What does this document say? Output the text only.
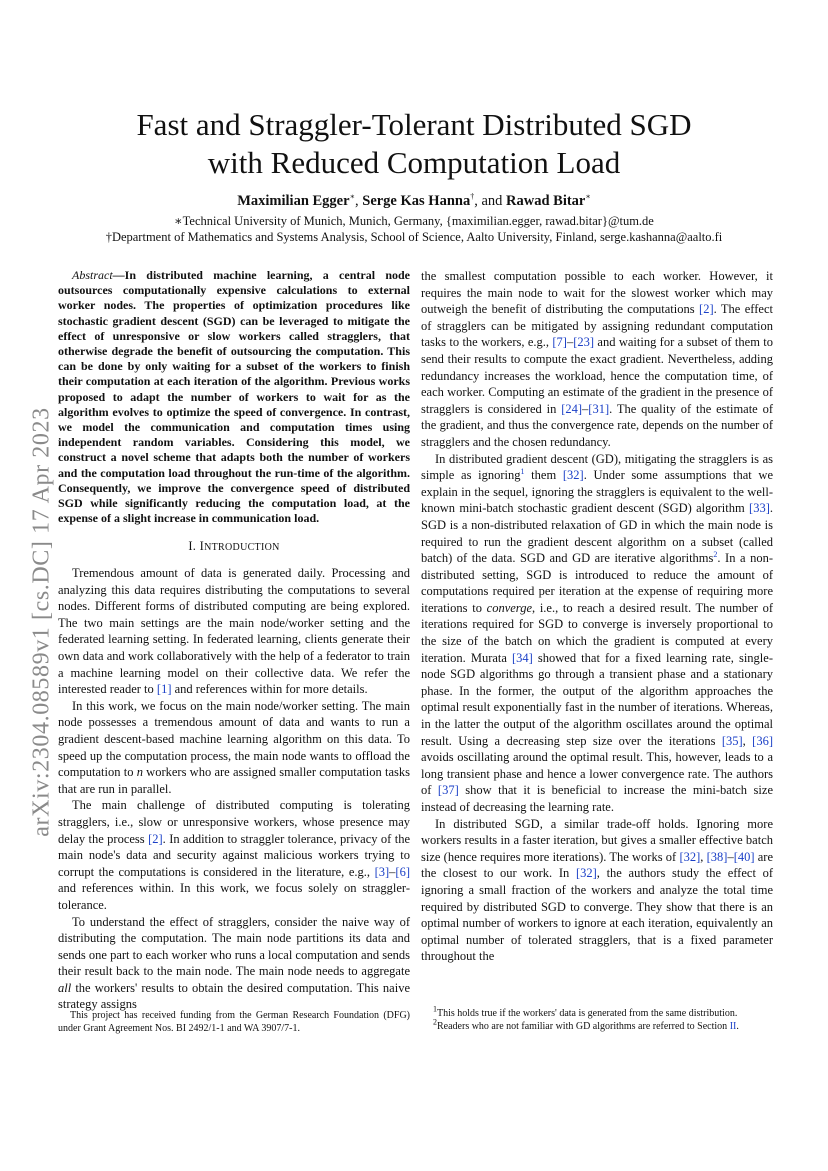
arXiv:2304.08589v1 [cs.DC] 17 Apr 2023
Fast and Straggler-Tolerant Distributed SGD
with Reduced Computation Load
Maximilian Egger∗, Serge Kas Hanna†, and Rawad Bitar∗
∗Technical University of Munich, Munich, Germany, {maximilian.egger, rawad.bitar}@tum.de
†Department of Mathematics and Systems Analysis, School of Science, Aalto University, Finland, serge.kashanna@aalto.fi
Abstract—In distributed machine learning, a central node outsources computationally expensive calculations to external worker nodes. The properties of optimization procedures like stochastic gradient descent (SGD) can be leveraged to mitigate the effect of unresponsive or slow workers called stragglers, that otherwise degrade the benefit of outsourcing the computation. This can be done by only waiting for a subset of the workers to finish their computation at each iteration of the algorithm. Previous works proposed to adapt the number of workers to wait for as the algorithm evolves to optimize the speed of convergence. In contrast, we model the communication and computation times using independent random variables. Considering this model, we construct a novel scheme that adapts both the number of workers and the computation load throughout the run-time of the algorithm. Consequently, we improve the convergence speed of distributed SGD while significantly reducing the computation load, at the expense of a slight increase in communication load.
I. INTRODUCTION

Tremendous amount of data is generated daily. Processing and analyzing this data requires distributing the computations to several nodes. Different forms of distributed computing are being explored. The two main settings are the main node/worker setting and the federated learning setting. In federated learning, clients generate their own data and work collaboratively with the help of a federator to train a machine learning model on their collective data. We refer the interested reader to [1] and references within for more details.

In this work, we focus on the main node/worker setting. The main node possesses a tremendous amount of data and wants to run a gradient descent-based machine learning algorithm on this data. To speed up the computation process, the main node wants to offload the computation to n workers who are assigned smaller computation tasks that are run in parallel.

The main challenge of distributed computing is tolerating stragglers, i.e., slow or unresponsive workers, whose presence may delay the process [2]. In addition to straggler tolerance, privacy of the main node's data and security against malicious workers trying to corrupt the computations is considered in the literature, e.g., [3]–[6] and references within. In this work, we focus solely on straggler-tolerance.

To understand the effect of stragglers, consider the naive way of distributing the computation. The main node partitions its data and sends one part to each worker who runs a local computation and sends their result back to the main node. The main node needs to aggregate all the workers' results to obtain the desired computation. This naive strategy assigns

the smallest computation possible to each worker. However, it requires the main node to wait for the slowest worker which may outweigh the benefit of distributing the computations [2]. The effect of stragglers can be mitigated by assigning redundant computation tasks to the workers, e.g., [7]–[23] and waiting for a subset of them to send their results to compute the exact gradient. Nevertheless, adding redundancy increases the workload, hence the computation time, of each worker. Computing an estimate of the gradient in the presence of stragglers is considered in [24]–[31]. The quality of the estimate of the gradient, and thus the convergence rate, depends on the number of stragglers and the chosen redundancy.

In distributed gradient descent (GD), mitigating the stragglers is as simple as ignoring$^1$ them [32]. Under some assumptions that we explain in the sequel, ignoring the stragglers is equivalent to the well-known mini-batch stochastic gradient descent (SGD) algorithm [33]. SGD is a non-distributed relaxation of GD in which the main node is required to run the gradient descent algorithm on a subset (called batch) of the data. SGD and GD are iterative algorithms$^2$. In a non-distributed setting, SGD is introduced to reduce the amount of computations required per iteration at the expense of requiring more iterations to converge, i.e., to reach a desired result. The number of iterations required for SGD to converge is inversely proportional to the size of the batch on which the gradient is computed at every iteration. Murata [34] showed that for a fixed learning rate, single-node SGD algorithms go through a transient phase and a stationary phase. In the former, the output of the algorithm approaches the optimal result exponentially fast in the number of iterations. Whereas, in the latter the output of the algorithm oscillates around the optimal result. Using a decreasing step size over the iterations [35], [36] avoids oscillating around the optimal result. This, however, leads to a long transient phase and hence a lower convergence rate. The authors of [37] show that it is beneficial to increase the mini-batch size instead of decreasing the learning rate.

In distributed SGD, a similar trade-off holds. Ignoring more workers results in a faster iteration, but gives a smaller effective batch size (hence requires more iterations). The works of [32], [38]–[40] are the closest to our work. In [32], the authors study the effect of ignoring a small fraction of the workers and analyze the total time required by distributed SGD to converge. They show that there is an optimal number of workers to ignore at each iteration, equivalently an optimal number of tolerated stragglers, that is a fixed parameter throughout the

This project has received funding from the German Research Foundation (DFG) under Grant Agreement Nos. BI 2492/1-1 and WA 3907/7-1.

$^1$This holds true if the workers' data is generated from the same distribution.

$^2$Readers who are not familiar with GD algorithms are referred to Section II.
